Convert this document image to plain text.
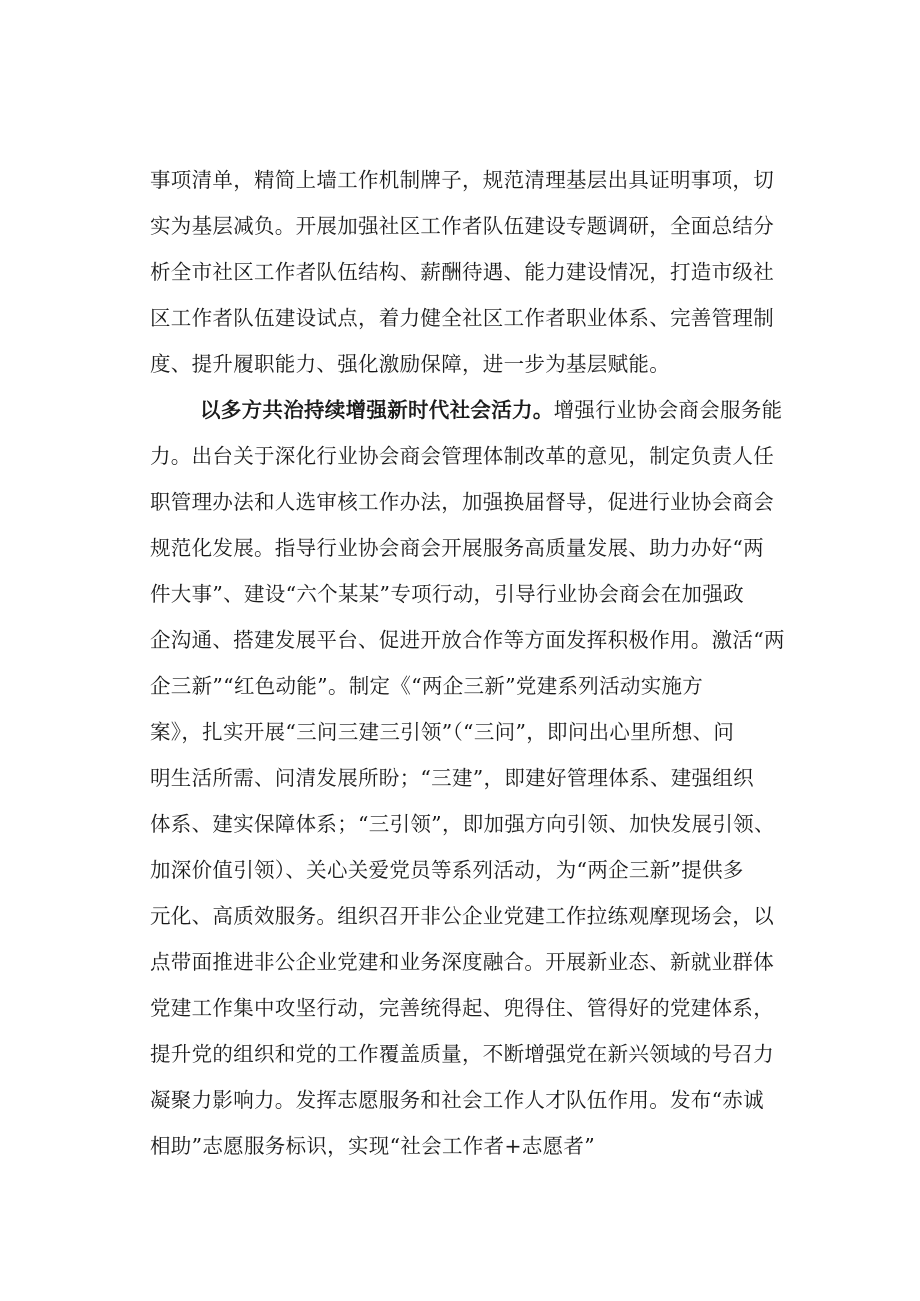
事项清单，精简上墙工作机制牌子，规范清理基层出具证明事项，切
实为基层减负。开展加强社区工作者队伍建设专题调研，全面总结分
析全市社区工作者队伍结构、薪酬待遇、能力建设情况，打造市级社
区工作者队伍建设试点，着力健全社区工作者职业体系、完善管理制
度、提升履职能力、强化激励保障，进一步为基层赋能。
以多方共治持续增强新时代社会活力。增强行业协会商会服务能
力。出台关于深化行业协会商会管理体制改革的意见，制定负责人任
职管理办法和人选审核工作办法，加强换届督导，促进行业协会商会
规范化发展。指导行业协会商会开展服务高质量发展、助力办好“两
件大事”、建设“六个某某”专项行动，引导行业协会商会在加强政
企沟通、搭建发展平台、促进开放合作等方面发挥积极作用。激活“两
企三新”“红色动能”。制定《“两企三新”党建系列活动实施方
案》，扎实开展“三问三建三引领”（“三问”，即问出心里所想、问
明生活所需、问清发展所盼；“三建”，即建好管理体系、建强组织
体系、建实保障体系；“三引领”，即加强方向引领、加快发展引领、
加深价值引领）、关心关爱党员等系列活动，为“两企三新”提供多
元化、高质效服务。组织召开非公企业党建工作拉练观摩现场会，以
点带面推进非公企业党建和业务深度融合。开展新业态、新就业群体
党建工作集中攻坚行动，完善统得起、兜得住、管得好的党建体系，
提升党的组织和党的工作覆盖质量，不断增强党在新兴领域的号召力
凝聚力影响力。发挥志愿服务和社会工作人才队伍作用。发布“赤诚
相助”志愿服务标识，实现“社会工作者+志愿者”
